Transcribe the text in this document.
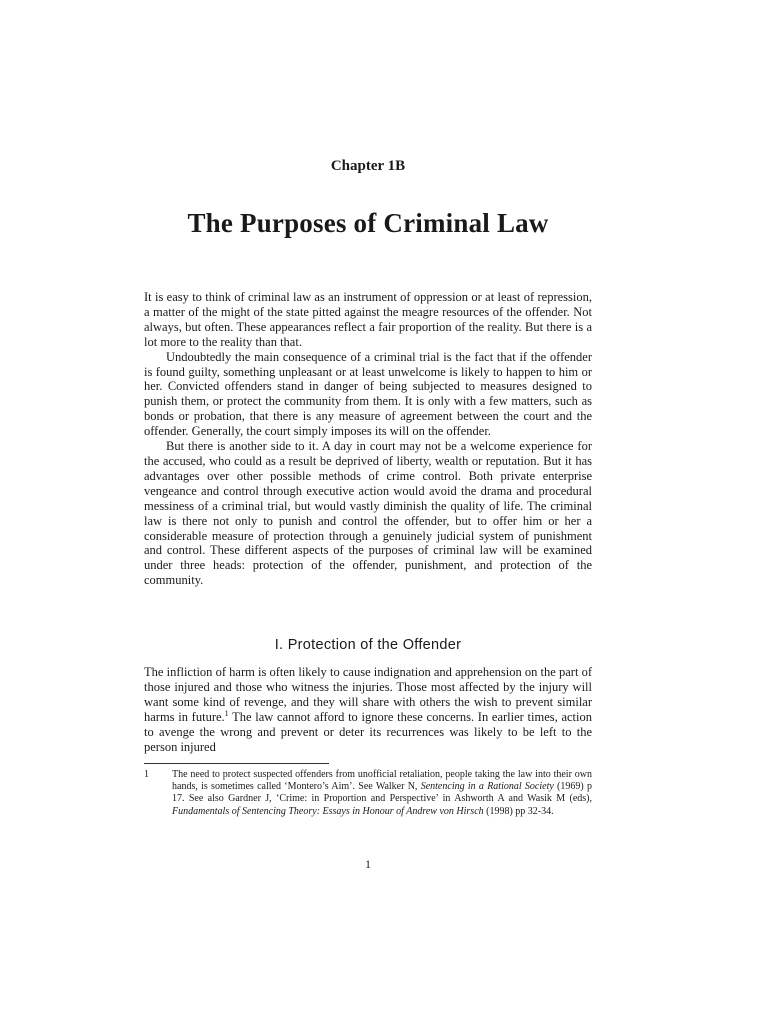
Chapter 1B
The Purposes of Criminal Law

It is easy to think of criminal law as an instrument of oppression or at least of repression, a matter of the might of the state pitted against the meagre resources of the offender. Not always, but often. These appearances reflect a fair proportion of the reality. But there is a lot more to the reality than that.

Undoubtedly the main consequence of a criminal trial is the fact that if the offender is found guilty, something unpleasant or at least unwelcome is likely to happen to him or her. Convicted offenders stand in danger of being subjected to measures designed to punish them, or protect the community from them. It is only with a few matters, such as bonds or probation, that there is any measure of agreement between the court and the offender. Generally, the court simply imposes its will on the offender.

But there is another side to it. A day in court may not be a welcome experience for the accused, who could as a result be deprived of liberty, wealth or reputation. But it has advantages over other possible methods of crime control. Both private enterprise vengeance and control through executive action would avoid the drama and procedural messiness of a criminal trial, but would vastly diminish the quality of life. The criminal law is there not only to punish and control the offender, but to offer him or her a considerable measure of protection through a genuinely judicial system of punishment and control. These different aspects of the purposes of criminal law will be examined under three heads: protection of the offender, punishment, and protection of the community.

I. Protection of the Offender

The infliction of harm is often likely to cause indignation and apprehension on the part of those injured and those who witness the injuries. Those most affected by the injury will want some kind of revenge, and they will share with others the wish to prevent similar harms in future.$^1$ The law cannot afford to ignore these concerns. In earlier times, action to avenge the wrong and prevent or deter its recurrences was likely to be left to the person injured

1 The need to protect suspected offenders from unofficial retaliation, people taking the law into their own hands, is sometimes called ‘Montero’s Aim’. See Walker N, Sentencing in a Rational Society (1969) p 17. See also Gardner J, ‘Crime: in Proportion and Perspective’ in Ashworth A and Wasik M (eds), Fundamentals of Sentencing Theory: Essays in Honour of Andrew von Hirsch (1998) pp 32-34.
1
